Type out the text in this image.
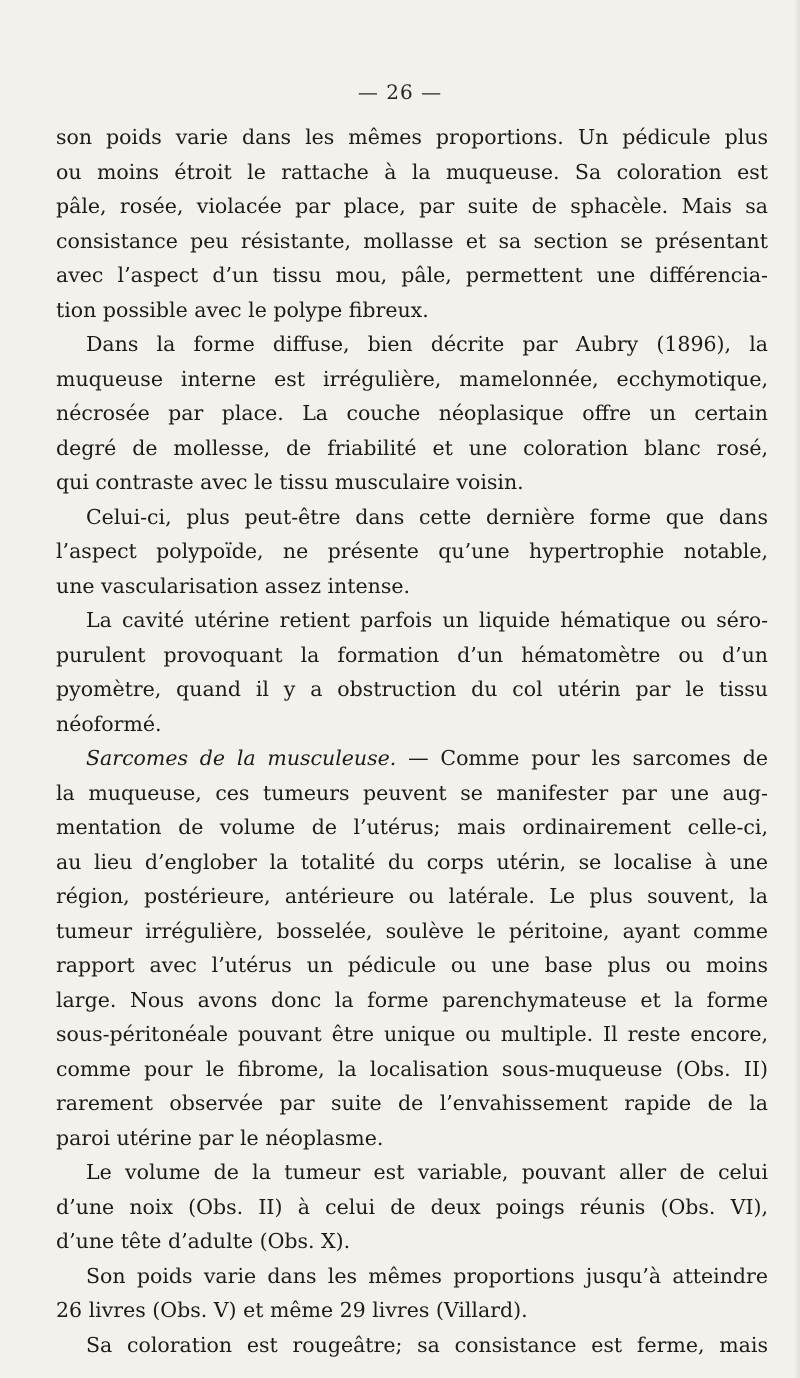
— 26 —
son poids varie dans les mêmes proportions. Un pédicule plus
ou moins étroit le rattache à la muqueuse. Sa coloration est
pâle, rosée, violacée par place, par suite de sphacèle. Mais sa
consistance peu résistante, mollasse et sa section se présentant
avec l’aspect d’un tissu mou, pâle, permettent une différencia-
tion possible avec le polype fibreux.
Dans la forme diffuse, bien décrite par Aubry (1896), la
muqueuse interne est irrégulière, mamelonnée, ecchymotique,
nécrosée par place. La couche néoplasique offre un certain
degré de mollesse, de friabilité et une coloration blanc rosé,
qui contraste avec le tissu musculaire voisin.
Celui-ci, plus peut-être dans cette dernière forme que dans
l’aspect polypoïde, ne présente qu’une hypertrophie notable,
une vascularisation assez intense.
La cavité utérine retient parfois un liquide hématique ou séro-
purulent provoquant la formation d’un hématomètre ou d’un
pyomètre, quand il y a obstruction du col utérin par le tissu
néoformé.
Sarcomes de la musculeuse. — Comme pour les sarcomes de
la muqueuse, ces tumeurs peuvent se manifester par une aug-
mentation de volume de l’utérus; mais ordinairement celle-ci,
au lieu d’englober la totalité du corps utérin, se localise à une
région, postérieure, antérieure ou latérale. Le plus souvent, la
tumeur irrégulière, bosselée, soulève le péritoine, ayant comme
rapport avec l’utérus un pédicule ou une base plus ou moins
large. Nous avons donc la forme parenchymateuse et la forme
sous-péritonéale pouvant être unique ou multiple. Il reste encore,
comme pour le fibrome, la localisation sous-muqueuse (Obs. II)
rarement observée par suite de l’envahissement rapide de la
paroi utérine par le néoplasme.
Le volume de la tumeur est variable, pouvant aller de celui
d’une noix (Obs. II) à celui de deux poings réunis (Obs. VI),
d’une tête d’adulte (Obs. X).
Son poids varie dans les mêmes proportions jusqu’à atteindre
26 livres (Obs. V) et même 29 livres (Villard).
Sa coloration est rougeâtre; sa consistance est ferme, mais
